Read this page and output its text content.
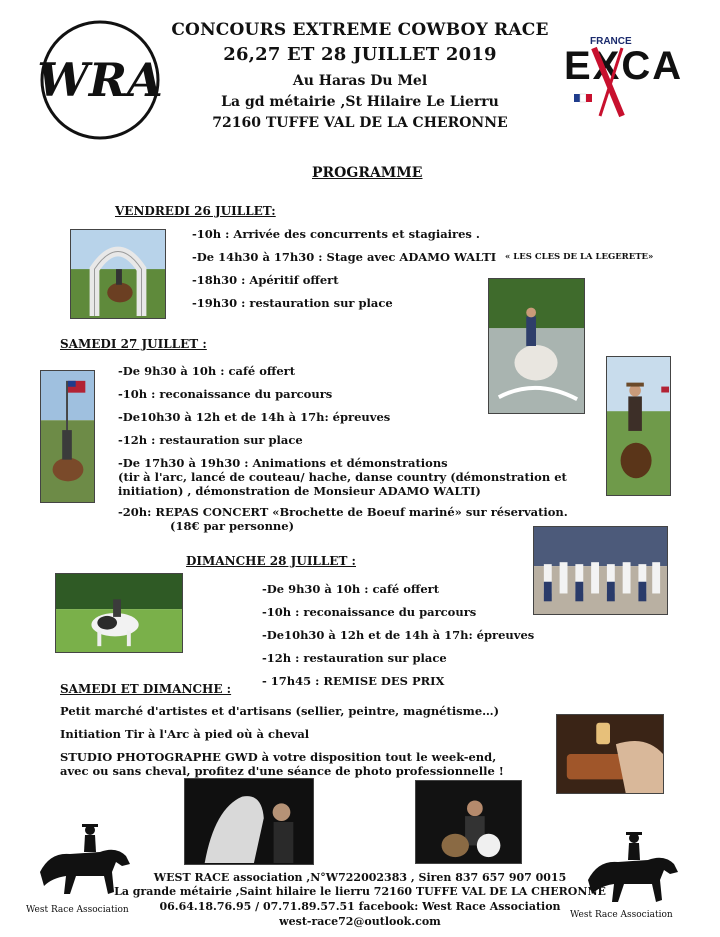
WRA
CONCOURS EXTREME COWBOY RACE
26,27 ET 28 JUILLET 2019
Au Haras Du Mel
La gd métairie ,St Hilaire Le Lierru
72160 TUFFE VAL DE LA CHERONNE
FRANCE
EXCA
PROGRAMME
VENDREDI 26 JUILLET:
-10h : Arrivée des concurrents et stagiaires .
-De 14h30 à 17h30 : Stage avec ADAMO WALTI « LES CLES DE LA LEGERETE»
-18h30 : Apéritif offert
-19h30 : restauration sur place
SAMEDI 27 JUILLET :
-De 9h30 à 10h : café offert
-10h : reconaissance du parcours
-De10h30 à 12h et de 14h à 17h: épreuves
-12h : restauration sur place
-De 17h30 à 19h30 : Animations et démonstrations
(tir à l'arc, lancé de couteau/ hache, danse country (démonstration et
initiation) , démonstration de Monsieur ADAMO WALTI)
-20h: REPAS CONCERT «Brochette de Boeuf mariné» sur réservation.
(18€ par personne)
DIMANCHE 28 JUILLET :
-De 9h30 à 10h : café offert
-10h : reconaissance du parcours
-De10h30 à 12h et de 14h à 17h: épreuves
-12h : restauration sur place
- 17h45 : REMISE DES PRIX
SAMEDI ET DIMANCHE :
Petit marché d'artistes et d'artisans (sellier, peintre, magnétisme…)
Initiation Tir à l'Arc à pied où à cheval
STUDIO PHOTOGRAPHE GWD à votre disposition tout le week-end,
avec ou sans cheval, profitez d'une séance de photo professionnelle !
West Race Association	West Race Association
WEST RACE association ,N°W722002383 , Siren 837 657 907 0015
La grande métairie ,Saint hilaire le lierru 72160 TUFFE VAL DE LA CHERONNE
06.64.18.76.95 / 07.71.89.57.51 facebook: West Race Association
west-race72@outlook.com
